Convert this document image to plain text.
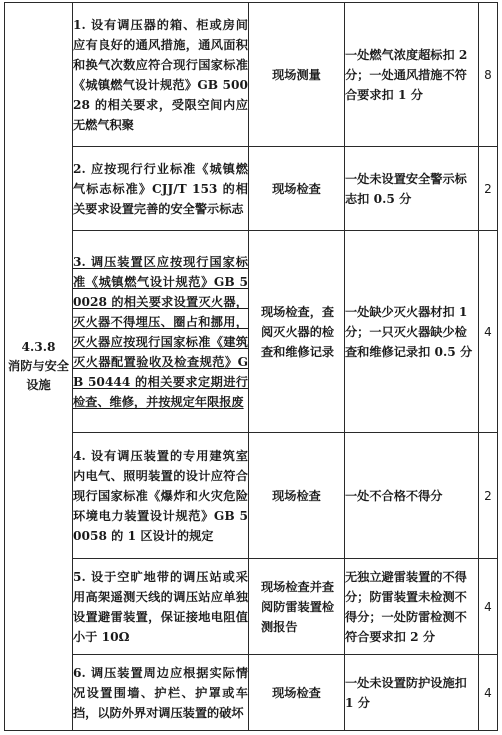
4.3.8
消防与安全
设施	1. 设有调压器的箱、柜或房间应有良好的通风措施，通风面积和换气次数应符合现行国家标准《城镇燃气设计规范》GB 50028 的相关要求，受限空间内应无燃气积聚	现场测量	一处燃气浓度超标扣 2 分；一处通风措施不符合要求扣 1 分	8
	2. 应按现行行业标准《城镇燃气标志标准》CJJ/T 153 的相关要求设置完善的安全警示标志	现场检查	一处未设置安全警示标志扣 0.5 分	2
	3. 调压装置区应按现行国家标准《城镇燃气设计规范》GB 50028 的相关要求设置灭火器，灭火器不得埋压、圈占和挪用，灭火器应按现行国家标准《建筑灭火器配置验收及检查规范》GB 50444 的相关要求定期进行检查、维修，并按规定年限报废	现场检查，查阅灭火器的检查和维修记录	一处缺少灭火器材扣 1 分；一只灭火器缺少检查和维修记录扣 0.5 分	4
	4. 设有调压装置的专用建筑室内电气、照明装置的设计应符合现行国家标准《爆炸和火灾危险环境电力装置设计规范》GB 50058 的 1 区设计的规定	现场检查	一处不合格不得分	2
	5. 设于空旷地带的调压站或采用高架遥测天线的调压站应单独设置避雷装置，保证接地电阻值小于 10Ω	现场检查并查阅防雷装置检测报告	无独立避雷装置的不得分；防雷装置未检测不得分；一处防雷检测不符合要求扣 2 分	4
	6. 调压装置周边应根据实际情况设置围墙、护栏、护罩或车挡，以防外界对调压装置的破坏	现场检查	一处未设置防护设施扣 1 分	4
